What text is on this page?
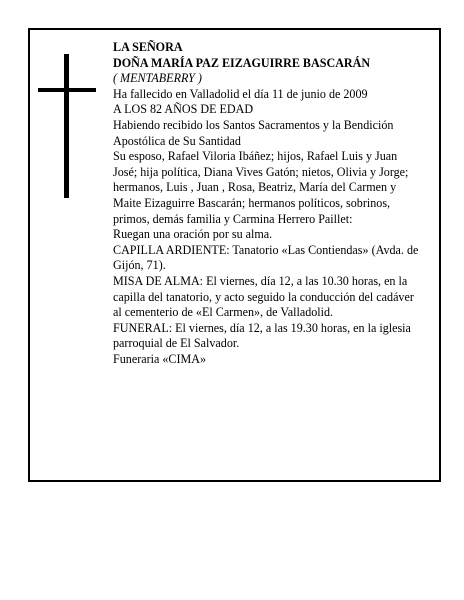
LA SEÑORA

DOÑA MARÍA PAZ EIZAGUIRRE BASCARÁN

( MENTABERRY )

Ha fallecido en Valladolid el día 11 de junio de 2009

A LOS 82 AÑOS DE EDAD

Habiendo recibido los Santos Sacramentos y la Bendición Apostólica de Su Santidad

Su esposo, Rafael Viloria Ibáñez; hijos, Rafael Luis y Juan José; hija política, Diana Vives Gatón; nietos, Olivia y Jorge; hermanos, Luis , Juan , Rosa, Beatriz, María del Carmen y Maite Eizaguirre Bascarán; hermanos políticos, sobrinos, primos, demás familia y Carmina Herrero Paillet:

Ruegan una oración por su alma.

CAPILLA ARDIENTE: Tanatorio «Las Contiendas» (Avda. de Gijón, 71).

MISA DE ALMA: El viernes, día 12, a las 10.30 horas, en la capilla del tanatorio, y acto seguido la conducción del cadáver al cementerio de «El Carmen», de Valladolid.

FUNERAL: El viernes, día 12, a las 19.30 horas, en la iglesia parroquial de El Salvador.

Funeraria «CIMA»
